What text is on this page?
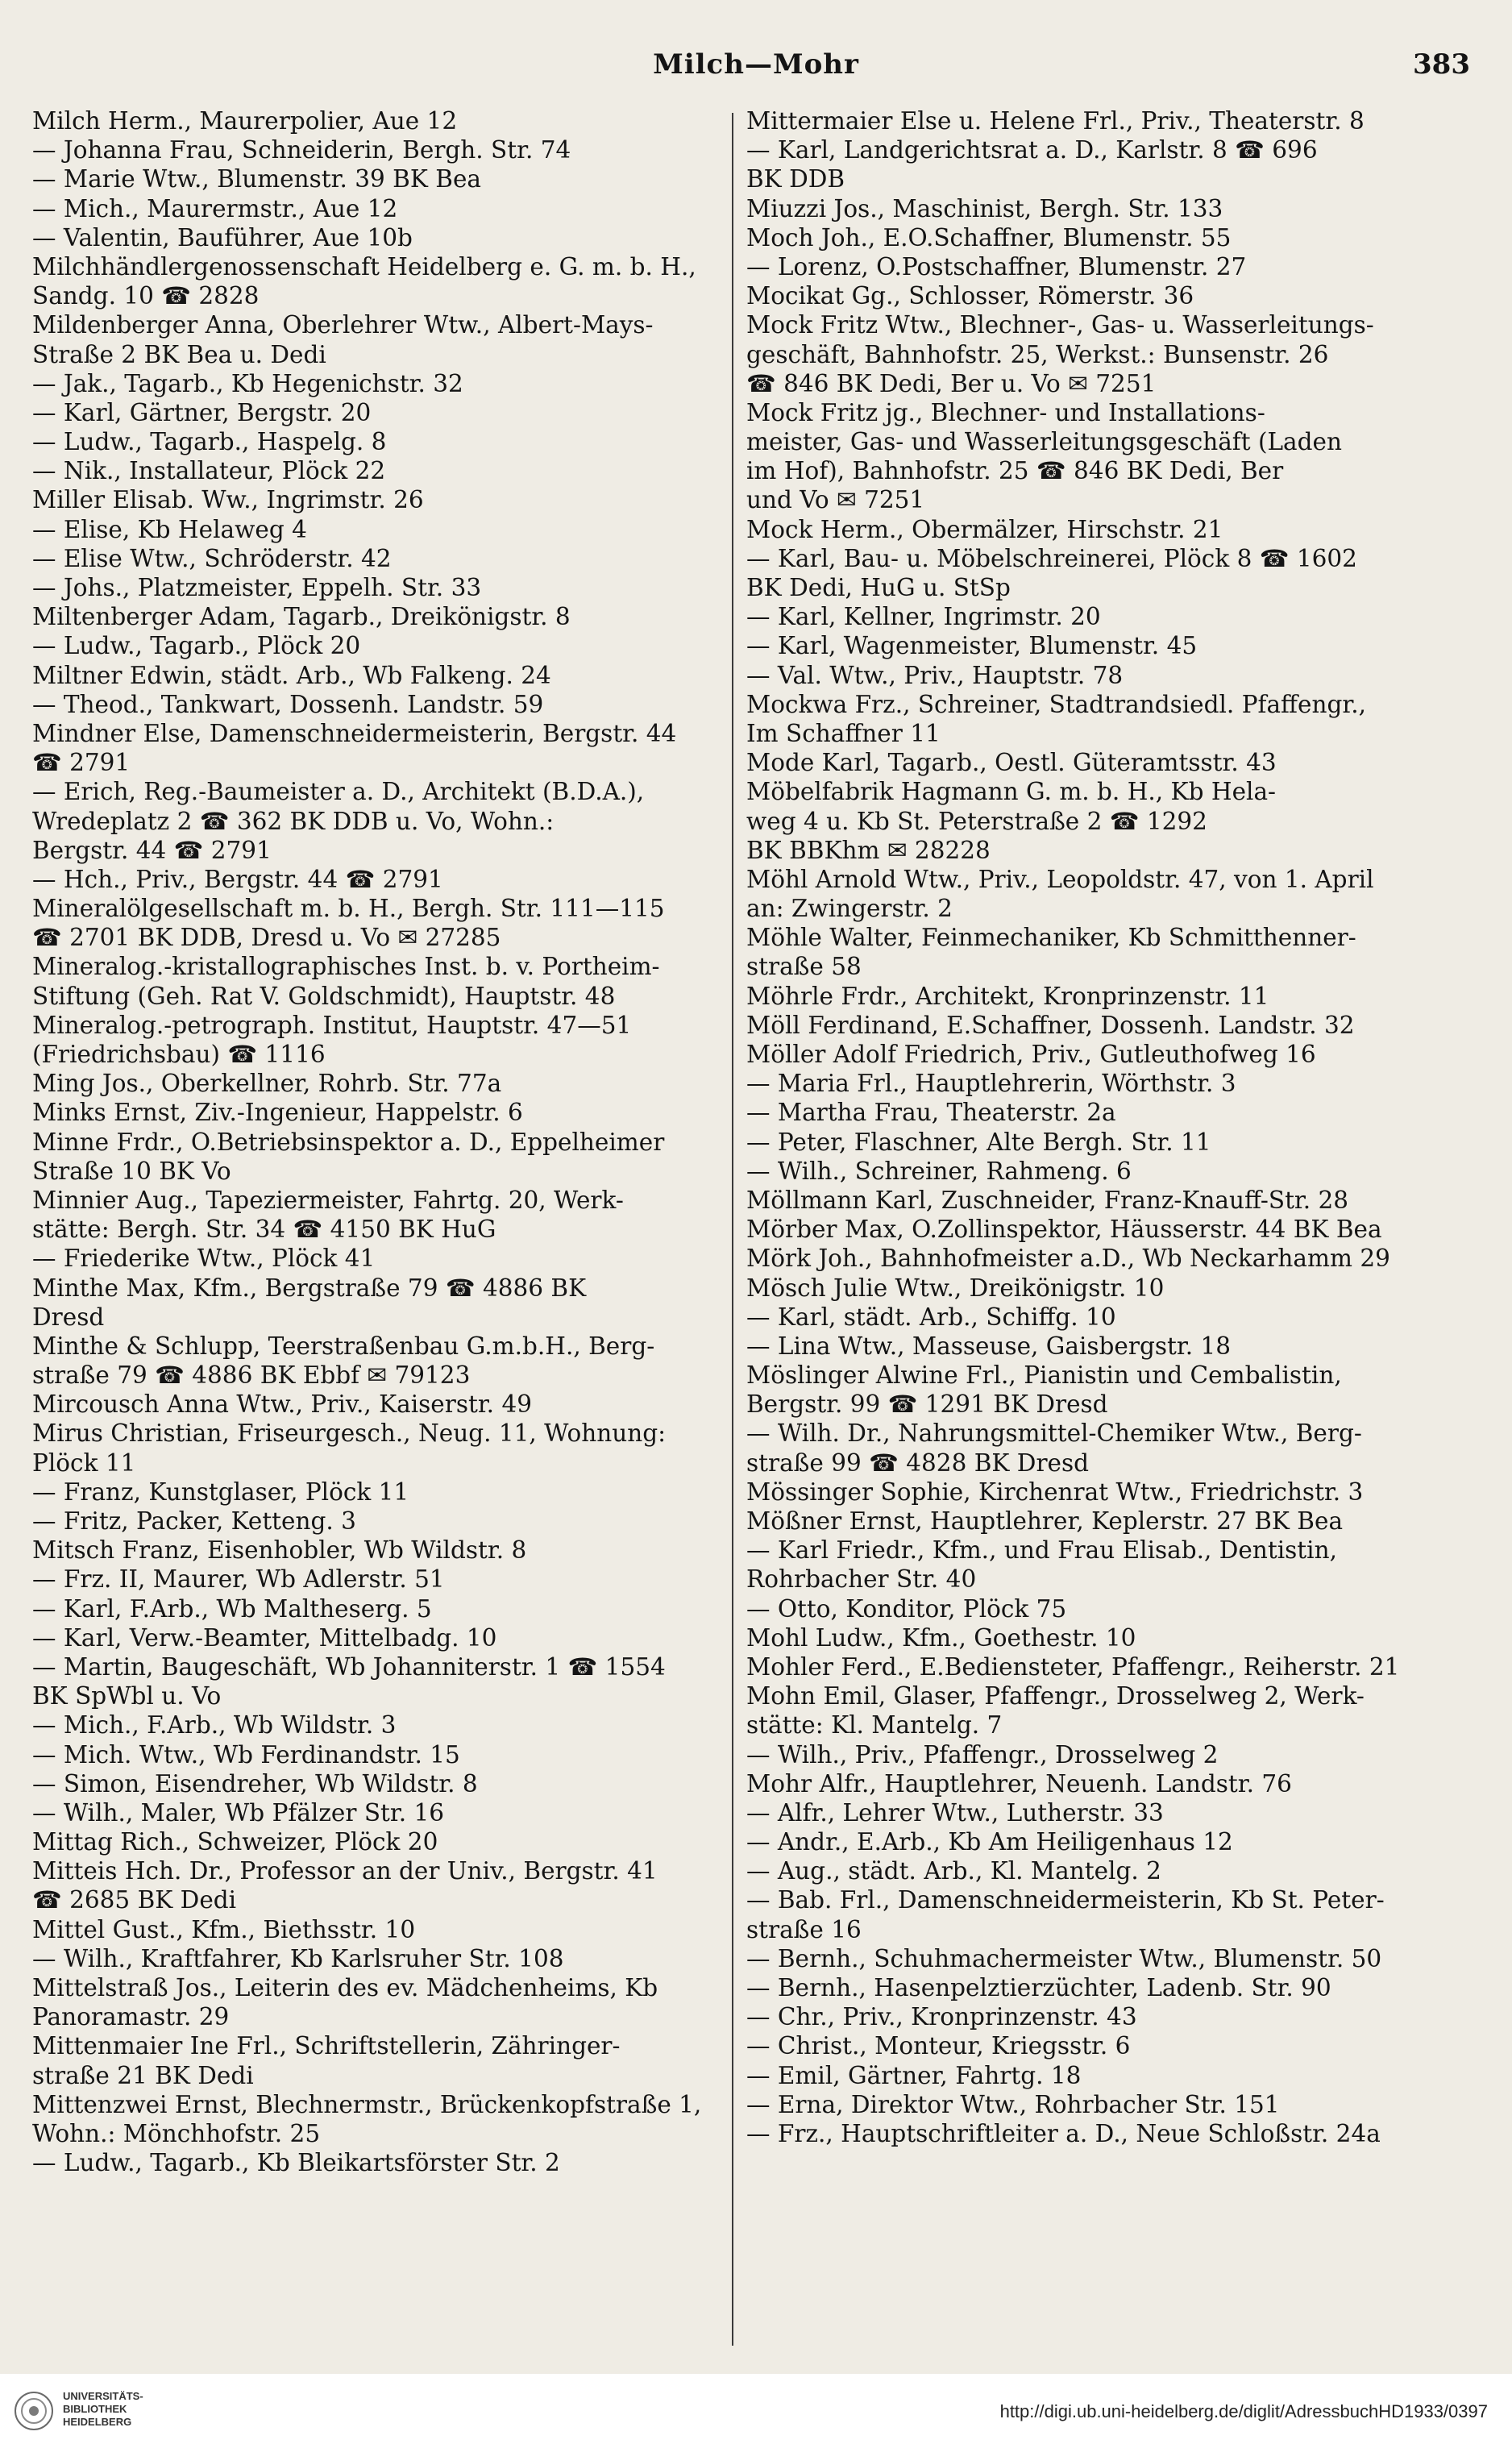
Milch—Mohr	383
Milch Herm., Maurerpolier, Aue 12
— Johanna Frau, Schneiderin, Bergh. Str. 74
— Marie Wtw., Blumenstr. 39 BK Bea
— Mich., Maurermstr., Aue 12
— Valentin, Bauführer, Aue 10b
Milchhändlergenossenschaft Heidelberg e. G. m. b. H.,
Sandg. 10 ☎ 2828
Mildenberger Anna, Oberlehrer Wtw., Albert-Mays-
Straße 2 BK Bea u. Dedi
— Jak., Tagarb., Kb Hegenichstr. 32
— Karl, Gärtner, Bergstr. 20
— Ludw., Tagarb., Haspelg. 8
— Nik., Installateur, Plöck 22
Miller Elisab. Ww., Ingrimstr. 26
— Elise, Kb Helaweg 4
— Elise Wtw., Schröderstr. 42
— Johs., Platzmeister, Eppelh. Str. 33
Miltenberger Adam, Tagarb., Dreikönigstr. 8
— Ludw., Tagarb., Plöck 20
Miltner Edwin, städt. Arb., Wb Falkeng. 24
— Theod., Tankwart, Dossenh. Landstr. 59
Mindner Else, Damenschneidermeisterin, Bergstr. 44
☎ 2791
— Erich, Reg.-Baumeister a. D., Architekt (B.D.A.),
Wredeplatz 2 ☎ 362 BK DDB u. Vo, Wohn.:
Bergstr. 44 ☎ 2791
— Hch., Priv., Bergstr. 44 ☎ 2791
Mineralölgesellschaft m. b. H., Bergh. Str. 111—115
☎ 2701 BK DDB, Dresd u. Vo ✉ 27285
Mineralog.-kristallographisches Inst. b. v. Portheim-
Stiftung (Geh. Rat V. Goldschmidt), Hauptstr. 48
Mineralog.-petrograph. Institut, Hauptstr. 47—51
(Friedrichsbau) ☎ 1116
Ming Jos., Oberkellner, Rohrb. Str. 77a
Minks Ernst, Ziv.-Ingenieur, Happelstr. 6
Minne Frdr., O.Betriebsinspektor a. D., Eppelheimer
Straße 10 BK Vo
Minnier Aug., Tapeziermeister, Fahrtg. 20, Werk-
stätte: Bergh. Str. 34 ☎ 4150 BK HuG
— Friederike Wtw., Plöck 41
Minthe Max, Kfm., Bergstraße 79 ☎ 4886 BK
Dresd
Minthe & Schlupp, Teerstraßenbau G.m.b.H., Berg-
straße 79 ☎ 4886 BK Ebbf ✉ 79123
Mircousch Anna Wtw., Priv., Kaiserstr. 49
Mirus Christian, Friseurgesch., Neug. 11, Wohnung:
Plöck 11
— Franz, Kunstglaser, Plöck 11
— Fritz, Packer, Ketteng. 3
Mitsch Franz, Eisenhobler, Wb Wildstr. 8
— Frz. II, Maurer, Wb Adlerstr. 51
— Karl, F.Arb., Wb Maltheserg. 5
— Karl, Verw.-Beamter, Mittelbadg. 10
— Martin, Baugeschäft, Wb Johanniterstr. 1 ☎ 1554
BK SpWbl u. Vo
— Mich., F.Arb., Wb Wildstr. 3
— Mich. Wtw., Wb Ferdinandstr. 15
— Simon, Eisendreher, Wb Wildstr. 8
— Wilh., Maler, Wb Pfälzer Str. 16
Mittag Rich., Schweizer, Plöck 20
Mitteis Hch. Dr., Professor an der Univ., Bergstr. 41
☎ 2685 BK Dedi
Mittel Gust., Kfm., Biethsstr. 10
— Wilh., Kraftfahrer, Kb Karlsruher Str. 108
Mittelstraß Jos., Leiterin des ev. Mädchenheims, Kb
Panoramastr. 29
Mittenmaier Ine Frl., Schriftstellerin, Zähringer-
straße 21 BK Dedi
Mittenzwei Ernst, Blechnermstr., Brückenkopfstraße 1,
Wohn.: Mönchhofstr. 25
— Ludw., Tagarb., Kb Bleikartsförster Str. 2
Mittermaier Else u. Helene Frl., Priv., Theaterstr. 8
— Karl, Landgerichtsrat a. D., Karlstr. 8 ☎ 696
BK DDB
Miuzzi Jos., Maschinist, Bergh. Str. 133
Moch Joh., E.O.Schaffner, Blumenstr. 55
— Lorenz, O.Postschaffner, Blumenstr. 27
Mocikat Gg., Schlosser, Römerstr. 36
Mock Fritz Wtw., Blechner-, Gas- u. Wasserleitungs-
geschäft, Bahnhofstr. 25, Werkst.: Bunsenstr. 26
☎ 846 BK Dedi, Ber u. Vo ✉ 7251
Mock Fritz jg., Blechner- und Installations-
meister, Gas- und Wasserleitungsgeschäft (Laden
im Hof), Bahnhofstr. 25 ☎ 846 BK Dedi, Ber
und Vo ✉ 7251
Mock Herm., Obermälzer, Hirschstr. 21
— Karl, Bau- u. Möbelschreinerei, Plöck 8 ☎ 1602
BK Dedi, HuG u. StSp
— Karl, Kellner, Ingrimstr. 20
— Karl, Wagenmeister, Blumenstr. 45
— Val. Wtw., Priv., Hauptstr. 78
Mockwa Frz., Schreiner, Stadtrandsiedl. Pfaffengr.,
Im Schaffner 11
Mode Karl, Tagarb., Oestl. Güteramtsstr. 43
Möbelfabrik Hagmann G. m. b. H., Kb Hela-
weg 4 u. Kb St. Peterstraße 2 ☎ 1292
BK BBKhm ✉ 28228
Möhl Arnold Wtw., Priv., Leopoldstr. 47, von 1. April
an: Zwingerstr. 2
Möhle Walter, Feinmechaniker, Kb Schmitthenner-
straße 58
Möhrle Frdr., Architekt, Kronprinzenstr. 11
Möll Ferdinand, E.Schaffner, Dossenh. Landstr. 32
Möller Adolf Friedrich, Priv., Gutleuthofweg 16
— Maria Frl., Hauptlehrerin, Wörthstr. 3
— Martha Frau, Theaterstr. 2a
— Peter, Flaschner, Alte Bergh. Str. 11
— Wilh., Schreiner, Rahmeng. 6
Möllmann Karl, Zuschneider, Franz-Knauff-Str. 28
Mörber Max, O.Zollinspektor, Häusserstr. 44 BK Bea
Mörk Joh., Bahnhofmeister a.D., Wb Neckarhamm 29
Mösch Julie Wtw., Dreikönigstr. 10
— Karl, städt. Arb., Schiffg. 10
— Lina Wtw., Masseuse, Gaisbergstr. 18
Möslinger Alwine Frl., Pianistin und Cembalistin,
Bergstr. 99 ☎ 1291 BK Dresd
— Wilh. Dr., Nahrungsmittel-Chemiker Wtw., Berg-
straße 99 ☎ 4828 BK Dresd
Mössinger Sophie, Kirchenrat Wtw., Friedrichstr. 3
Mößner Ernst, Hauptlehrer, Keplerstr. 27 BK Bea
— Karl Friedr., Kfm., und Frau Elisab., Dentistin,
Rohrbacher Str. 40
— Otto, Konditor, Plöck 75
Mohl Ludw., Kfm., Goethestr. 10
Mohler Ferd., E.Bediensteter, Pfaffengr., Reiherstr. 21
Mohn Emil, Glaser, Pfaffengr., Drosselweg 2, Werk-
stätte: Kl. Mantelg. 7
— Wilh., Priv., Pfaffengr., Drosselweg 2
Mohr Alfr., Hauptlehrer, Neuenh. Landstr. 76
— Alfr., Lehrer Wtw., Lutherstr. 33
— Andr., E.Arb., Kb Am Heiligenhaus 12
— Aug., städt. Arb., Kl. Mantelg. 2
— Bab. Frl., Damenschneidermeisterin, Kb St. Peter-
straße 16
— Bernh., Schuhmachermeister Wtw., Blumenstr. 50
— Bernh., Hasenpelztierzüchter, Ladenb. Str. 90
— Chr., Priv., Kronprinzenstr. 43
— Christ., Monteur, Kriegsstr. 6
— Emil, Gärtner, Fahrtg. 18
— Erna, Direktor Wtw., Rohrbacher Str. 151
— Frz., Hauptschriftleiter a. D., Neue Schloßstr. 24a
UNIVERSITÄTS-
BIBLIOTHEK
HEIDELBERG
http://digi.ub.uni-heidelberg.de/diglit/AdressbuchHD1933/0397
